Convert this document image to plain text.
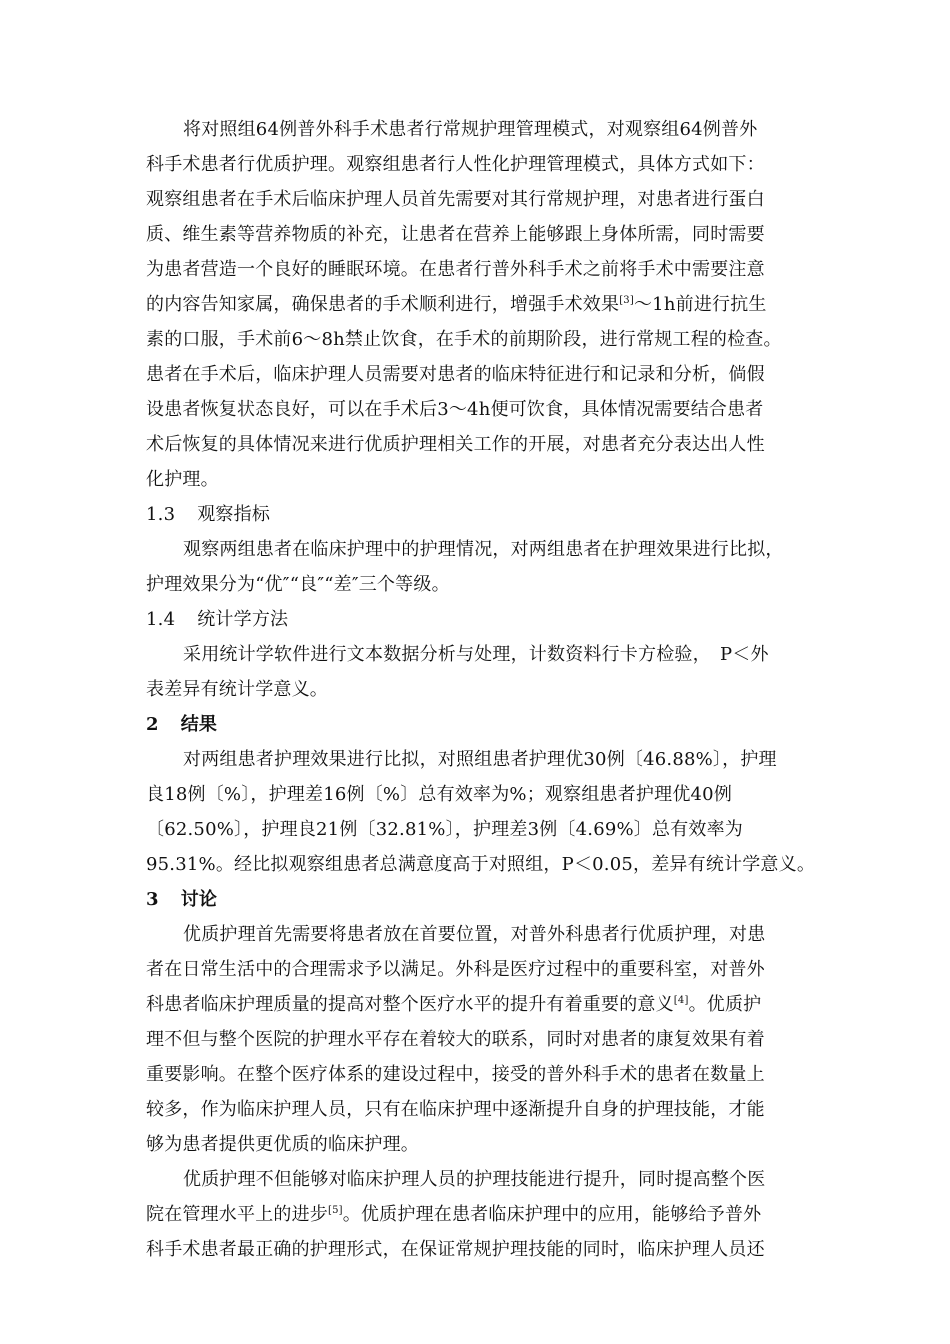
将对照组64例普外科手术患者行常规护理管理模式，对观察组64例普外
科手术患者行优质护理。观察组患者行人性化护理管理模式，具体方式如下：
观察组患者在手术后临床护理人员首先需要对其行常规护理，对患者进行蛋白
质、维生素等营养物质的补充，让患者在营养上能够跟上身体所需，同时需要
为患者营造一个良好的睡眠环境。在患者行普外科手术之前将手术中需要注意
的内容告知家属，确保患者的手术顺利进行，增强手术效果[3]〜1h前进行抗生
素的口服，手术前6〜8h禁止饮食，在手术的前期阶段，进行常规工程的检查。
患者在手术后，临床护理人员需要对患者的临床特征进行和记录和分析，倘假
设患者恢复状态良好，可以在手术后3〜4h便可饮食，具体情况需要结合患者
术后恢复的具体情况来进行优质护理相关工作的开展，对患者充分表达出人性
化护理。
1.3 观察指标
观察两组患者在临床护理中的护理情况，对两组患者在护理效果进行比拟，
护理效果分为“优″“良″“差″三个等级。
1.4 统计学方法
采用统计学软件进行文本数据分析与处理，计数资料行卡方检验，　P＜外
表差异有统计学意义。
2 结果
对两组患者护理效果进行比拟，对照组患者护理优30例〔46.88%〕，护理
良18例〔%〕，护理差16例〔%〕总有效率为%；观察组患者护理优40例
〔62.50%〕，护理良21例〔32.81%〕，护理差3例〔4.69%〕总有效率为
95.31%。经比拟观察组患者总满意度高于对照组，P＜0.05，差异有统计学意义。
3 讨论
优质护理首先需要将患者放在首要位置，对普外科患者行优质护理，对患
者在日常生活中的合理需求予以满足。外科是医疗过程中的重要科室，对普外
科患者临床护理质量的提高对整个医疗水平的提升有着重要的意义[4]。优质护
理不但与整个医院的护理水平存在着较大的联系，同时对患者的康复效果有着
重要影响。在整个医疗体系的建设过程中，接受的普外科手术的患者在数量上
较多，作为临床护理人员，只有在临床护理中逐渐提升自身的护理技能，才能
够为患者提供更优质的临床护理。
优质护理不但能够对临床护理人员的护理技能进行提升，同时提高整个医
院在管理水平上的进步[5]。优质护理在患者临床护理中的应用，能够给予普外
科手术患者最正确的护理形式，在保证常规护理技能的同时，临床护理人员还
